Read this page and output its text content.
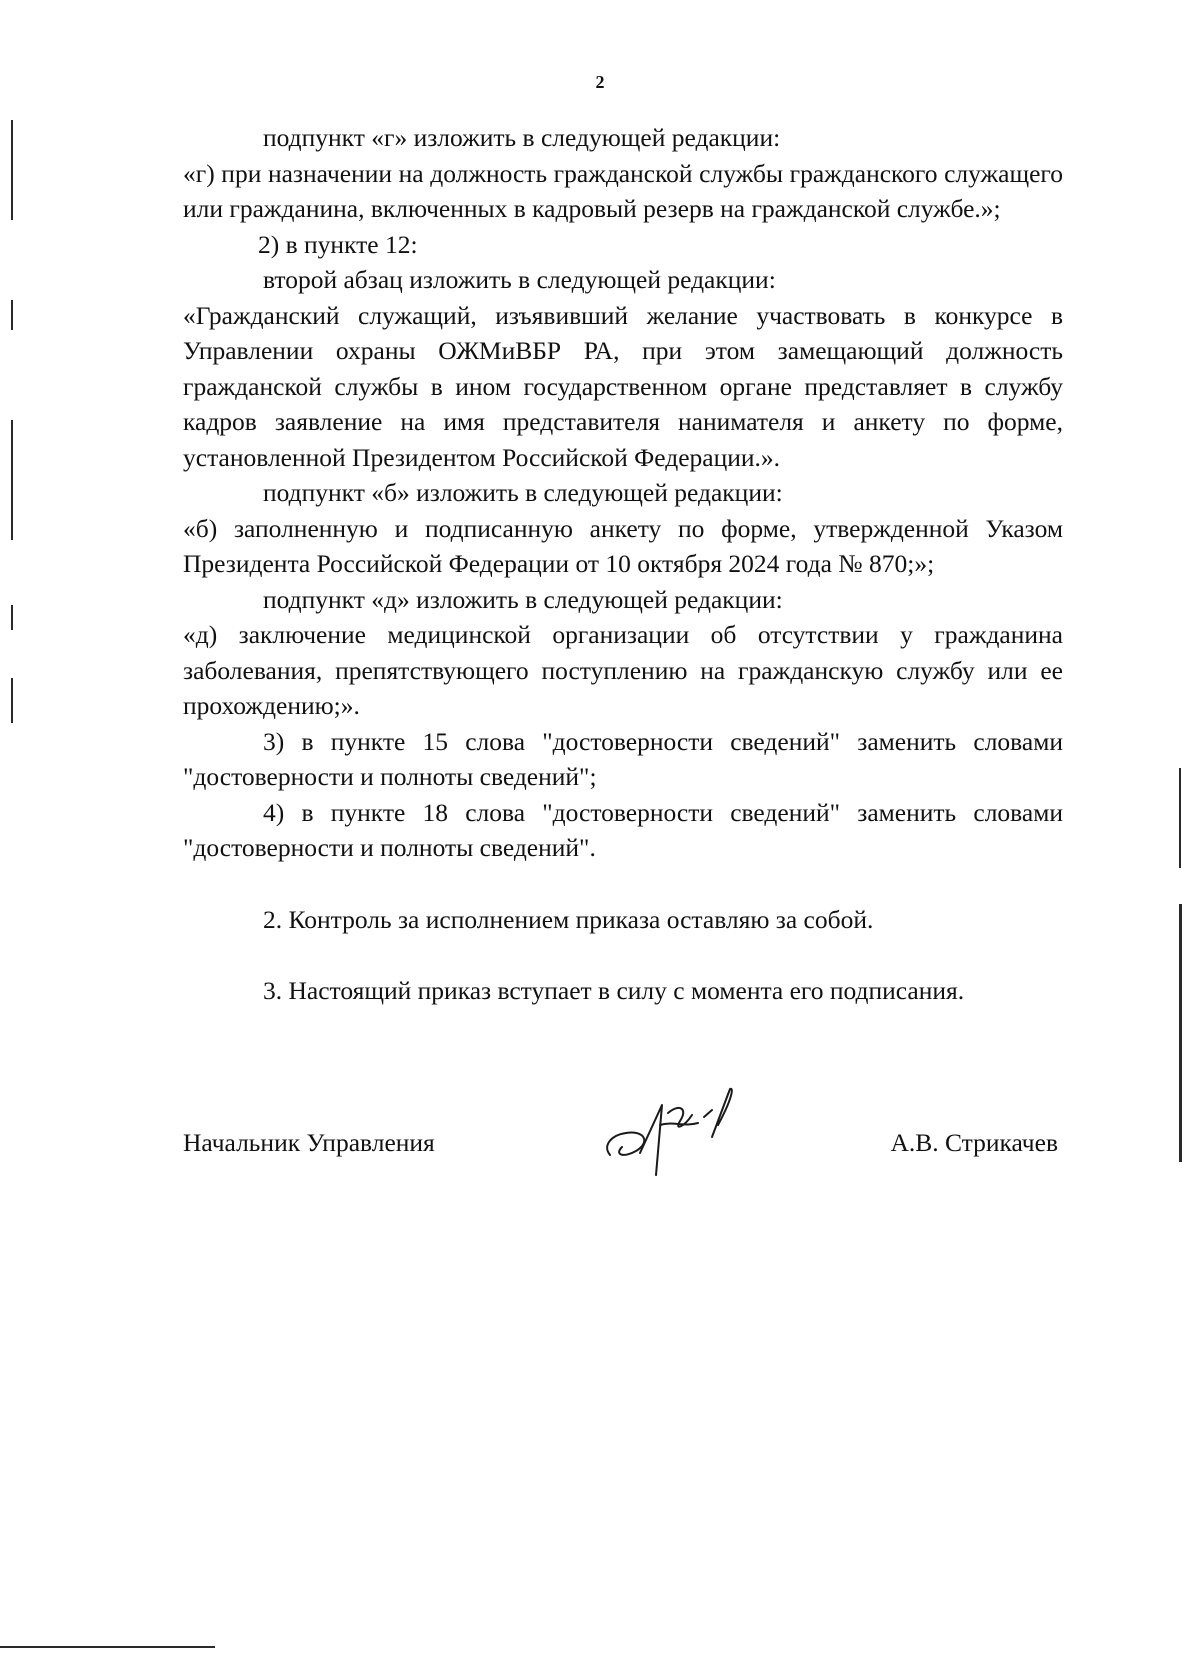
2

подпункт «г» изложить в следующей редакции:

«г) при назначении на должность гражданской службы гражданского служащего или гражданина, включенных в кадровый резерв на гражданской службе.»;

2) в пункте 12:

второй абзац изложить в следующей редакции:

«Гражданский служащий, изъявивший желание участвовать в конкурсе в Управлении охраны ОЖМиВБР РА, при этом замещающий должность гражданской службы в ином государственном органе представляет в службу кадров заявление на имя представителя нанимателя и анкету по форме, установленной Президентом Российской Федерации.».

подпункт «б» изложить в следующей редакции:

«б) заполненную и подписанную анкету по форме, утвержденной Указом Президента Российской Федерации от 10 октября 2024 года № 870;»;

подпункт «д» изложить в следующей редакции:

«д) заключение медицинской организации об отсутствии у гражданина заболевания, препятствующего поступлению на гражданскую службу или ее прохождению;».

3) в пункте 15 слова "достоверности сведений" заменить словами "достоверности и полноты сведений";

4) в пункте 18 слова "достоверности сведений" заменить словами "достоверности и полноты сведений".

2. Контроль за исполнением приказа оставляю за собой.

3. Настоящий приказ вступает в силу с момента его подписания.

Начальник Управления	А.В. Стрикачев
